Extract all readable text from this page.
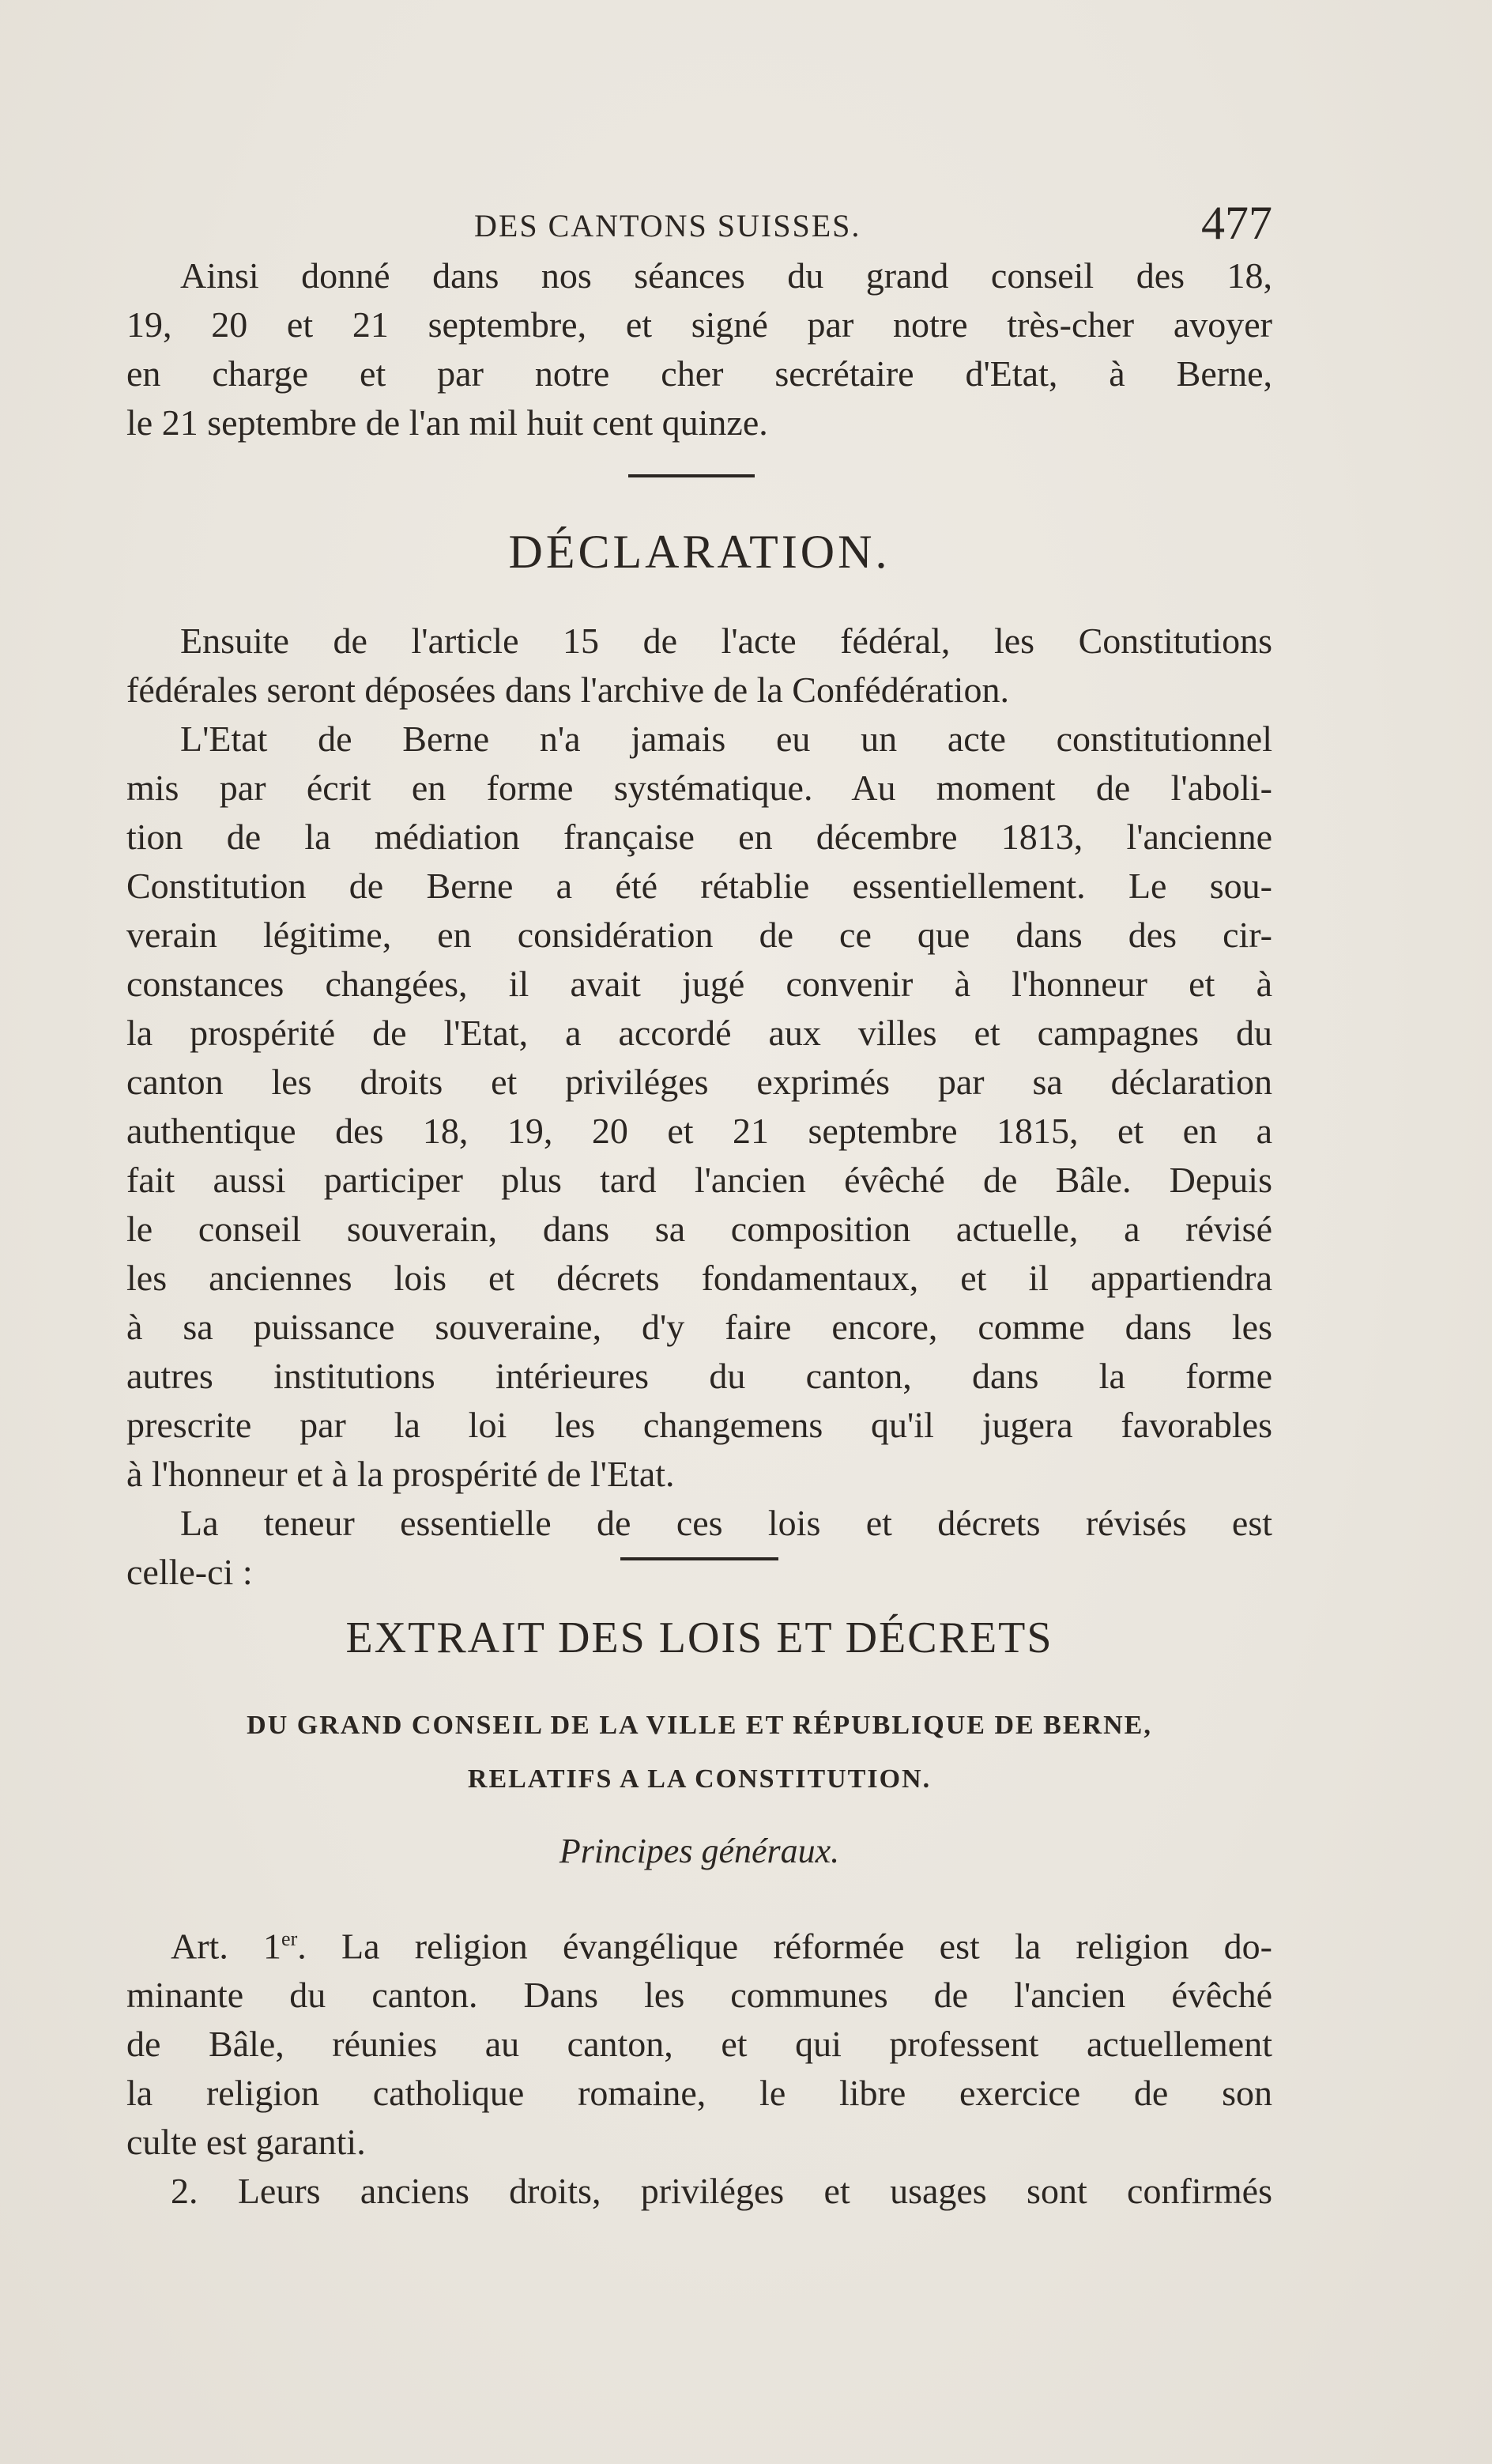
DES CANTONS SUISSES.	477

Ainsi donné dans nos séances du grand conseil des 18,

19, 20 et 21 septembre, et signé par notre très-cher avoyer

en charge et par notre cher secrétaire d'Etat, à Berne,

le 21 septembre de l'an mil huit cent quinze.

DÉCLARATION.

Ensuite de l'article 15 de l'acte fédéral, les Constitutions

fédérales seront déposées dans l'archive de la Confédération.

L'Etat de Berne n'a jamais eu un acte constitutionnel

mis par écrit en forme systématique. Au moment de l'aboli-

tion de la médiation française en décembre 1813, l'ancienne

Constitution de Berne a été rétablie essentiellement. Le sou-

verain légitime, en considération de ce que dans des cir-

constances changées, il avait jugé convenir à l'honneur et à

la prospérité de l'Etat, a accordé aux villes et campagnes du

canton les droits et priviléges exprimés par sa déclaration

authentique des 18, 19, 20 et 21 septembre 1815, et en a

fait aussi participer plus tard l'ancien évêché de Bâle. Depuis

le conseil souverain, dans sa composition actuelle, a révisé

les anciennes lois et décrets fondamentaux, et il appartiendra

à sa puissance souveraine, d'y faire encore, comme dans les

autres institutions intérieures du canton, dans la forme

prescrite par la loi les changemens qu'il jugera favorables

à l'honneur et à la prospérité de l'Etat.

La teneur essentielle de ces lois et décrets révisés est

celle-ci :

EXTRAIT DES LOIS ET DÉCRETS
DU GRAND CONSEIL DE LA VILLE ET RÉPUBLIQUE DE BERNE,
RELATIFS A LA CONSTITUTION.
Principes généraux.

Art. 1er. La religion évangélique réformée est la religion do-

minante du canton. Dans les communes de l'ancien évêché

de Bâle, réunies au canton, et qui professent actuellement

la religion catholique romaine, le libre exercice de son

culte est garanti.

2. Leurs anciens droits, priviléges et usages sont confirmés
